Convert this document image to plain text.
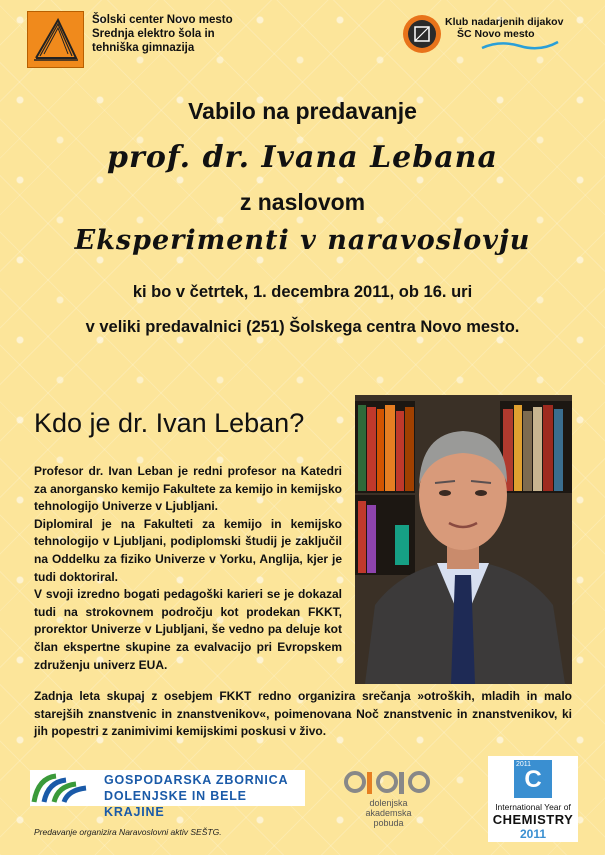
Šolski center Novo mesto
Srednja elektro šola in
tehniška gimnazija
Klub nadarjenih dijakov
ŠC Novo mesto
Vabilo na predavanje
prof. dr. Ivana Lebana
z naslovom
Eksperimenti v naravoslovju
ki bo v četrtek, 1. decembra 2011, ob 16. uri
v veliki predavalnici (251) Šolskega centra Novo mesto.
Kdo je dr. Ivan Leban?

Profesor dr. Ivan Leban je redni profesor na Katedri za anorgansko kemijo Fakultete za kemijo in kemijsko tehnologijo Univerze v Ljubljani.

Diplomiral je na Fakulteti za kemijo in kemijsko tehnologijo v Ljubljani, podiplomski študij je zaključil na Oddelku za fiziko Univerze v Yorku, Anglija, kjer je tudi doktoriral.

V svoji izredno bogati pedagoški karieri se je dokazal tudi na strokovnem področju kot prodekan FKKT, prorektor Univerze v Ljubljani, še vedno pa deluje kot član ekspertne skupine za evalvacijo pri Evropskem združenju univerz EUA.

Zadnja leta skupaj z osebjem FKKT redno organizira srečanja »otroških, mladih in malo starejših znanstvenic in znanstvenikov«, poimenovana Noč znanstvenic in znanstvenikov, ki jih popestri z zanimivimi kemijskimi poskusi v živo.
GOSPODARSKA ZBORNICA
DOLENJSKE IN BELE KRAJINE
dolenjska
akademska
pobuda
2011
C
International Year of
CHEMISTRY
2011
Predavanje organizira Naravoslovni aktiv SEŠTG.
